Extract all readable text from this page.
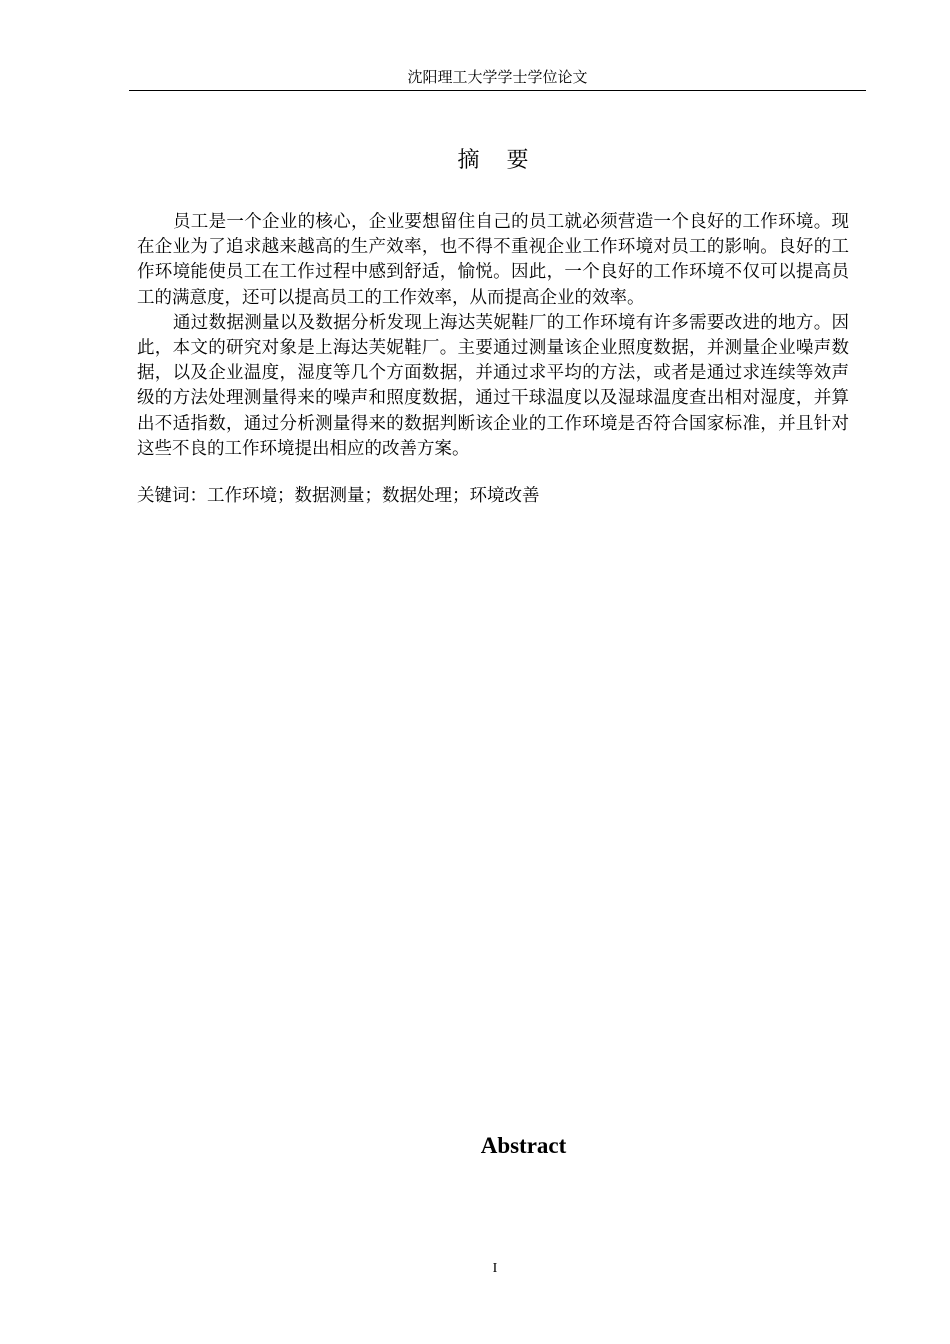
沈阳理工大学学士学位论文
摘 要

员工是一个企业的核心，企业要想留住自己的员工就必须营造一个良好的工作环境。现在企业为了追求越来越高的生产效率，也不得不重视企业工作环境对员工的影响。良好的工作环境能使员工在工作过程中感到舒适，愉悦。因此，一个良好的工作环境不仅可以提高员工的满意度，还可以提高员工的工作效率，从而提高企业的效率。

通过数据测量以及数据分析发现上海达芙妮鞋厂的工作环境有许多需要改进的地方。因此，本文的研究对象是上海达芙妮鞋厂。主要通过测量该企业照度数据，并测量企业噪声数据，以及企业温度，湿度等几个方面数据，并通过求平均的方法，或者是通过求连续等效声级的方法处理测量得来的噪声和照度数据，通过干球温度以及湿球温度查出相对湿度，并算出不适指数，通过分析测量得来的数据判断该企业的工作环境是否符合国家标准，并且针对这些不良的工作环境提出相应的改善方案。

关键词：工作环境；数据测量；数据处理；环境改善
Abstract
I
